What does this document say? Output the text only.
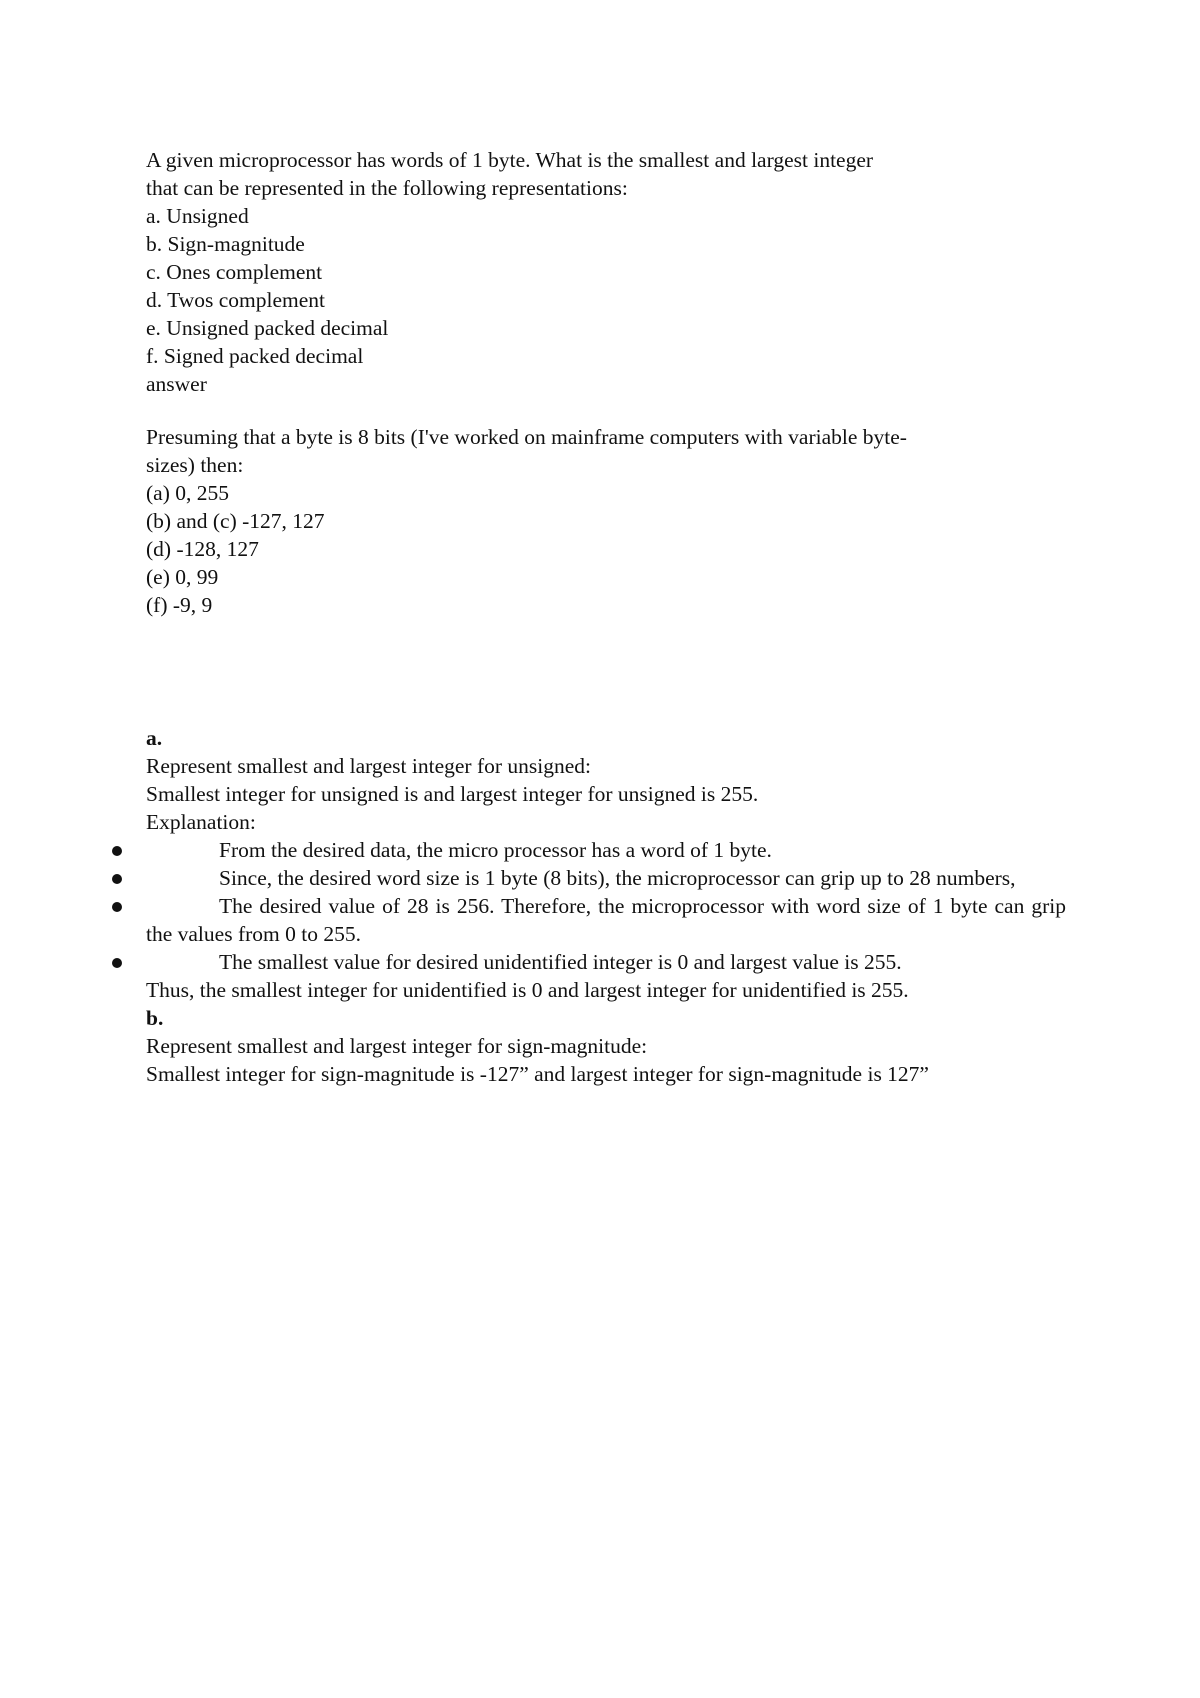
A given microprocessor has words of 1 byte. What is the smallest and largest integer
that can be represented in the following representations:
a. Unsigned
b. Sign-magnitude
c. Ones complement
d. Twos complement
e. Unsigned packed decimal
f. Signed packed decimal
answer
Presuming that a byte is 8 bits (I've worked on mainframe computers with variable byte-
sizes) then:
(a) 0, 255
(b) and (c) -127, 127
(d) -128, 127
(e) 0, 99
(f) -9, 9
a.
Represent smallest and largest integer for unsigned:
Smallest integer for unsigned is and largest integer for unsigned is 255.
Explanation:
From the desired data, the micro processor has a word of 1 byte.
Since, the desired word size is 1 byte (8 bits), the microprocessor can grip up to 28 numbers,
The desired value of 28 is 256. Therefore, the microprocessor with word size of 1 byte can grip the values from 0 to 255.
The smallest value for desired unidentified integer is 0 and largest value is 255.
Thus, the smallest integer for unidentified is 0 and largest integer for unidentified is 255.
b.
Represent smallest and largest integer for sign-magnitude:
Smallest integer for sign-magnitude is -127” and largest integer for sign-magnitude is 127”
